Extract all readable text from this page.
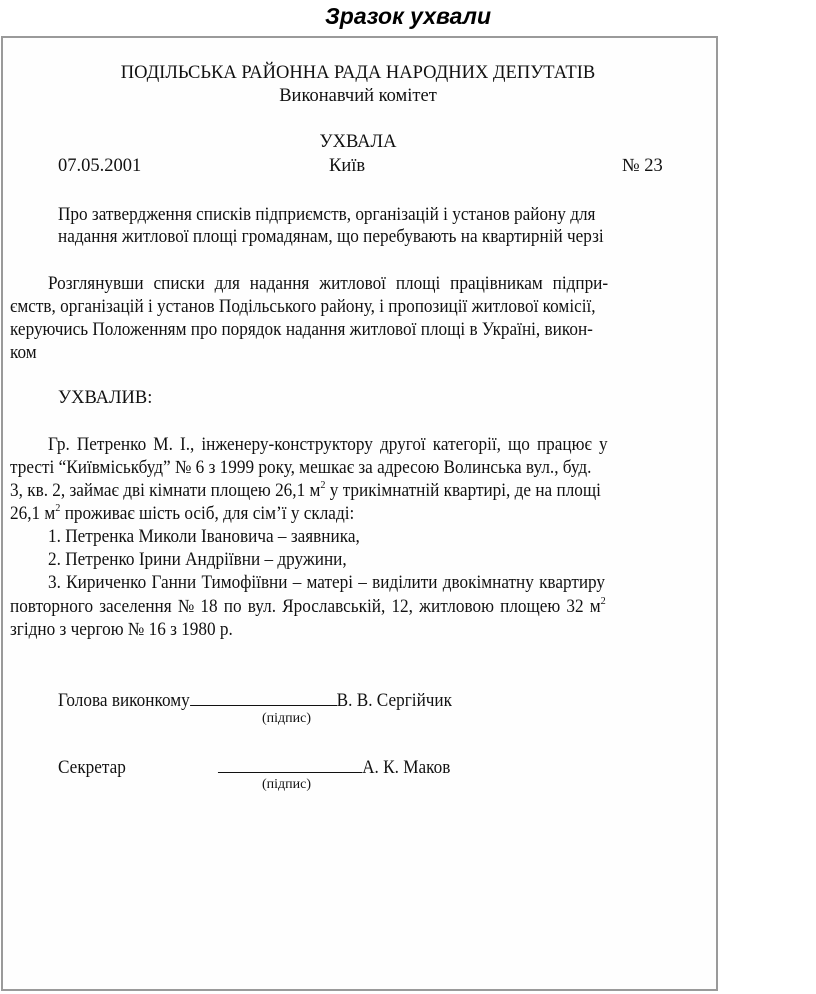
Зразок ухвали
ПОДІЛЬСЬКА РАЙОННА РАДА НАРОДНИХ ДЕПУТАТІВ
Виконавчий комітет
УХВАЛА
07.05.2001	Київ	№ 23
Про затвердження списків підприємств, організацій і установ району для
надання житлової площі громадянам, що перебувають на квартирній черзі
Розглянувши списки для надання житлової площі працівникам підпри-
ємств, організацій і установ Подільського району, і пропозиції житлової комісії,
керуючись Положенням про порядок надання житлової площі в Україні, викон-
ком
УХВАЛИВ:
Гр. Петренко М. І., інженеру-конструктору другої категорії, що працює у
тресті “Київміськбуд” № 6 з 1999 року, мешкає за адресою Волинська вул., буд.
3, кв. 2, займає дві кімнати площею 26,1 $м^2$ у трикімнатній квартирі, де на площі
26,1 $м^2$ проживає шість осіб, для сім’ї у складі:
1. Петренка Миколи Івановича – заявника,
2. Петренко Ірини Андріївни – дружини,
3. Кириченко Ганни Тимофіївни – матері – виділити двокімнатну квартиру
повторного заселення № 18 по вул. Ярославській, 12, житловою площею 32 $м^2$
згідно з чергою № 16 з 1980 р.
Голова виконкому	В. В. Сергійчик
(підпис)
Секретар	А. К. Маков
(підпис)
